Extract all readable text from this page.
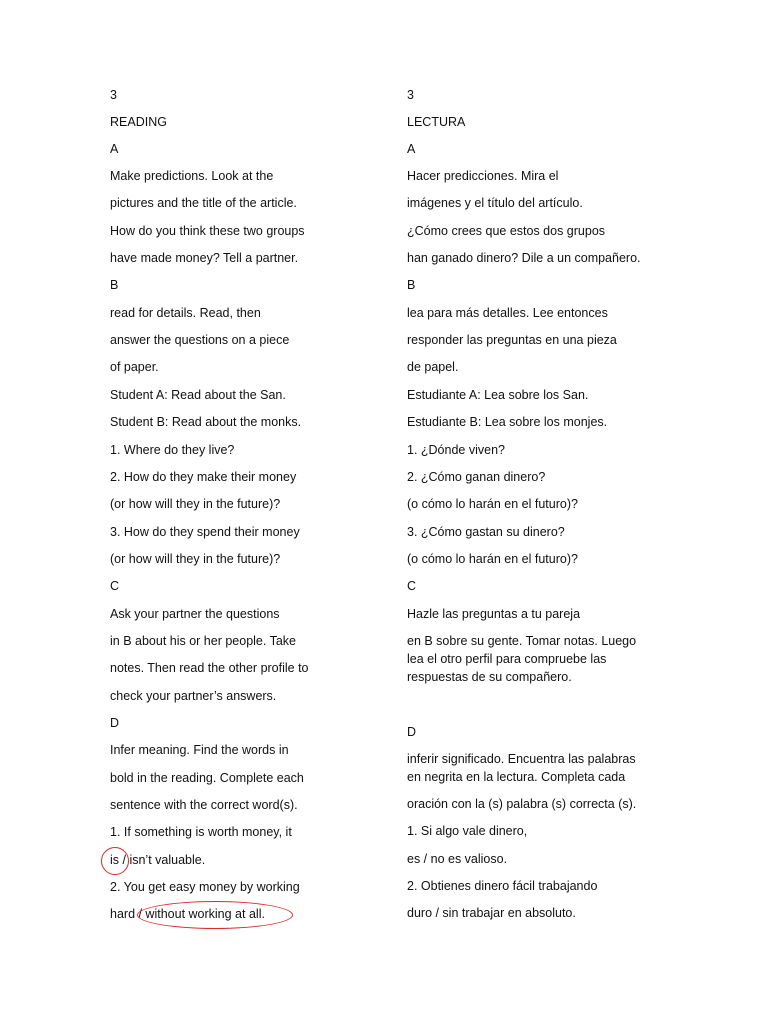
3
READING
A
Make predictions. Look at the
pictures and the title of the article.
How do you think these two groups
have made money? Tell a partner.
B
read for details. Read, then
answer the questions on a piece
of paper.
Student A: Read about the San.
Student B: Read about the monks.
1. Where do they live?
2. How do they make their money
(or how will they in the future)?
3. How do they spend their money
(or how will they in the future)?
C
Ask your partner the questions
in B about his or her people. Take
notes. Then read the other profile to
check your partner’s answers.
D
Infer meaning. Find the words in
bold in the reading. Complete each
sentence with the correct word(s).
1. If something is worth money, it
is / isn’t valuable.
2. You get easy money by working
hard / without working at all.
3
LECTURA
A
Hacer predicciones. Mira el
imágenes y el título del artículo.
¿Cómo crees que estos dos grupos
han ganado dinero? Dile a un compañero.
B
lea para más detalles. Lee entonces
responder las preguntas en una pieza
de papel.
Estudiante A: Lea sobre los San.
Estudiante B: Lea sobre los monjes.
1. ¿Dónde viven?
2. ¿Cómo ganan dinero?
(o cómo lo harán en el futuro)?
3. ¿Cómo gastan su dinero?
(o cómo lo harán en el futuro)?
C
Hazle las preguntas a tu pareja
en B sobre su gente. Tomar notas. Luego
lea el otro perfil para compruebe las
respuestas de su compañero.
D
inferir significado. Encuentra las palabras
en negrita en la lectura. Completa cada
oración con la (s) palabra (s) correcta (s).
1. Si algo vale dinero,
es / no es valioso.
2. Obtienes dinero fácil trabajando
duro / sin trabajar en absoluto.
